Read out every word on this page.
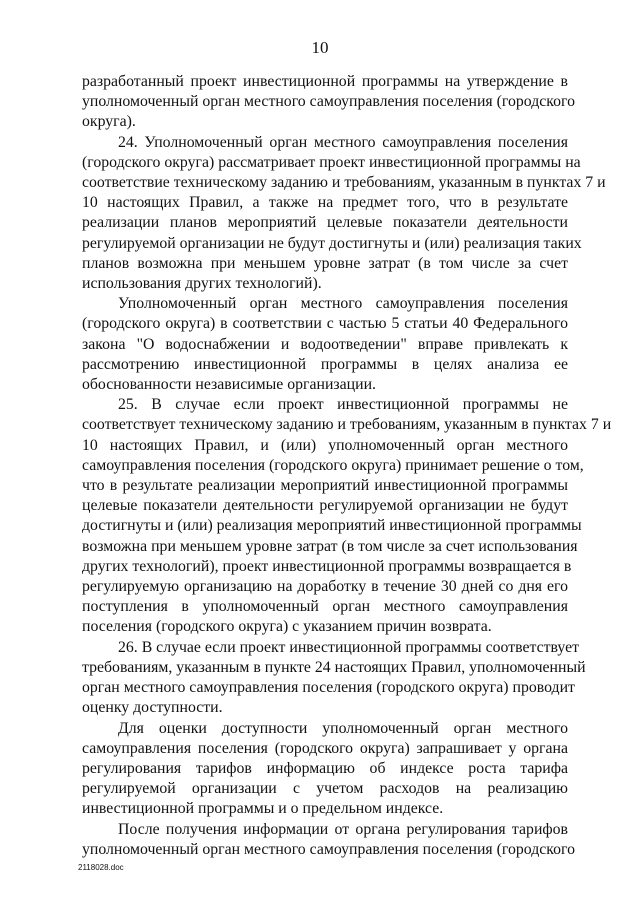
10
разработанный проект инвестиционной программы на утверждение в
уполномоченный орган местного самоуправления поселения (городского
округа).
24. Уполномоченный орган местного самоуправления поселения
(городского округа) рассматривает проект инвестиционной программы на
соответствие техническому заданию и требованиям, указанным в пунктах 7 и
10 настоящих Правил, а также на предмет того, что в результате
реализации планов мероприятий целевые показатели деятельности
регулируемой организации не будут достигнуты и (или) реализация таких
планов возможна при меньшем уровне затрат (в том числе за счет
использования других технологий).
Уполномоченный орган местного самоуправления поселения
(городского округа) в соответствии с частью 5 статьи 40 Федерального
закона "О водоснабжении и водоотведении" вправе привлекать к
рассмотрению инвестиционной программы в целях анализа ее
обоснованности независимые организации.
25. В случае если проект инвестиционной программы не
соответствует техническому заданию и требованиям, указанным в пунктах 7 и
10 настоящих Правил, и (или) уполномоченный орган местного
самоуправления поселения (городского округа) принимает решение о том,
что в результате реализации мероприятий инвестиционной программы
целевые показатели деятельности регулируемой организации не будут
достигнуты и (или) реализация мероприятий инвестиционной программы
возможна при меньшем уровне затрат (в том числе за счет использования
других технологий), проект инвестиционной программы возвращается в
регулируемую организацию на доработку в течение 30 дней со дня его
поступления в уполномоченный орган местного самоуправления
поселения (городского округа) с указанием причин возврата.
26. В случае если проект инвестиционной программы соответствует
требованиям, указанным в пункте 24 настоящих Правил, уполномоченный
орган местного самоуправления поселения (городского округа) проводит
оценку доступности.
Для оценки доступности уполномоченный орган местного
самоуправления поселения (городского округа) запрашивает у органа
регулирования тарифов информацию об индексе роста тарифа
регулируемой организации с учетом расходов на реализацию
инвестиционной программы и о предельном индексе.
После получения информации от органа регулирования тарифов
уполномоченный орган местного самоуправления поселения (городского
2118028.doc
